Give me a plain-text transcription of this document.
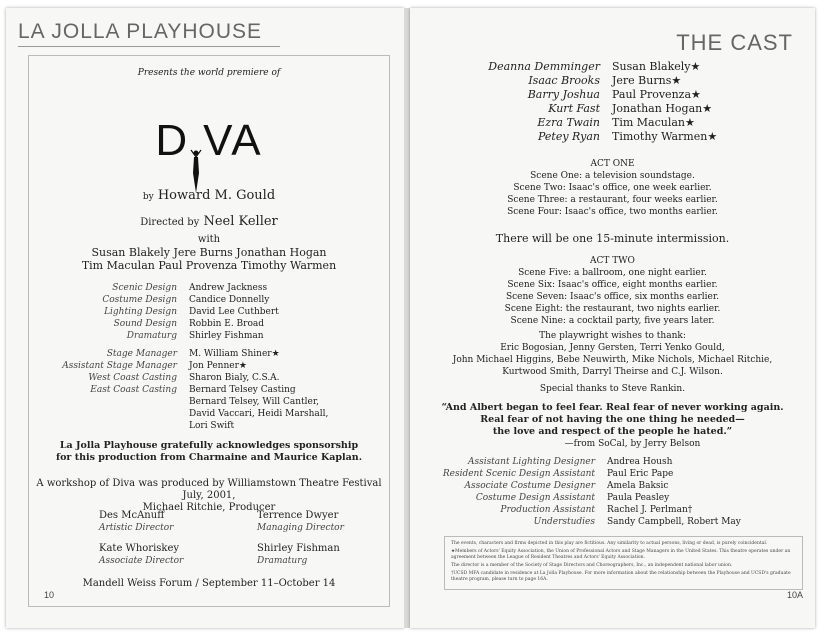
LA JOLLA PLAYHOUSE
Presents the world premiere of
D VA
by Howard M. Gould
Directed by Neel Keller
with
Susan Blakely Jere Burns Jonathan Hogan
Tim Maculan Paul Provenza Timothy Warmen
Scenic Design	Andrew Jackness
Costume Design	Candice Donnelly
Lighting Design	David Lee Cuthbert
Sound Design	Robbin E. Broad
Dramaturg	Shirley Fishman
Stage Manager	M. William Shiner★
Assistant Stage Manager	Jon Penner★
West Coast Casting	Sharon Bialy, C.S.A.
East Coast Casting	Bernard Telsey Casting
Bernard Telsey, Will Cantler,
David Vaccari, Heidi Marshall,
Lori Swift
La Jolla Playhouse gratefully acknowledges sponsorship
for this production from Charmaine and Maurice Kaplan.
A workshop of Diva was produced by Williamstown Theatre Festival July, 2001,
Michael Ritchie, Producer
Des McAnuff
Artistic Director
Terrence Dwyer
Managing Director
Kate Whoriskey
Associate Director
Shirley Fishman
Dramaturg
Mandell Weiss Forum / September 11–October 14
10
THE CAST
Deanna Demminger	Susan Blakely★
Isaac Brooks	Jere Burns★
Barry Joshua	Paul Provenza★
Kurt Fast	Jonathan Hogan★
Ezra Twain	Tim Maculan★
Petey Ryan	Timothy Warmen★
ACT ONE
Scene One: a television soundstage.
Scene Two: Isaac's office, one week earlier.
Scene Three: a restaurant, four weeks earlier.
Scene Four: Isaac's office, two months earlier.
There will be one 15-minute intermission.
ACT TWO
Scene Five: a ballroom, one night earlier.
Scene Six: Isaac's office, eight months earlier.
Scene Seven: Isaac's office, six months earlier.
Scene Eight: the restaurant, two nights earlier.
Scene Nine: a cocktail party, five years later.
The playwright wishes to thank:
Eric Bogosian, Jenny Gersten, Terri Yenko Gould,
John Michael Higgins, Bebe Neuwirth, Mike Nichols, Michael Ritchie,
Kurtwood Smith, Darryl Theirse and C.J. Wilson.
Special thanks to Steve Rankin.
“And Albert began to feel fear. Real fear of never working again.
Real fear of not having the one thing he needed—
the love and respect of the people he hated.”
—from SoCal, by Jerry Belson
Assistant Lighting Designer	Andrea Housh
Resident Scenic Design Assistant	Paul Eric Pape
Associate Costume Designer	Amela Baksic
Costume Design Assistant	Paula Peasley
Production Assistant	Rachel J. Perlman†
Understudies	Sandy Campbell, Robert May

The events, characters and firms depicted in this play are fictitious. Any similarity to actual persons, living or dead, is purely coincidental.

★Members of Actors' Equity Association, the Union of Professional Actors and Stage Managers in the United States. This theatre operates under an agreement between the League of Resident Theatres and Actors' Equity Association.

The director is a member of the Society of Stage Directors and Choreographers, Inc., an independent national labor union.

†UCSD MFA candidate in residence at La Jolla Playhouse. For more information about the relationship between the Playhouse and UCSD's graduate theatre program, please turn to page 16A.

10A
